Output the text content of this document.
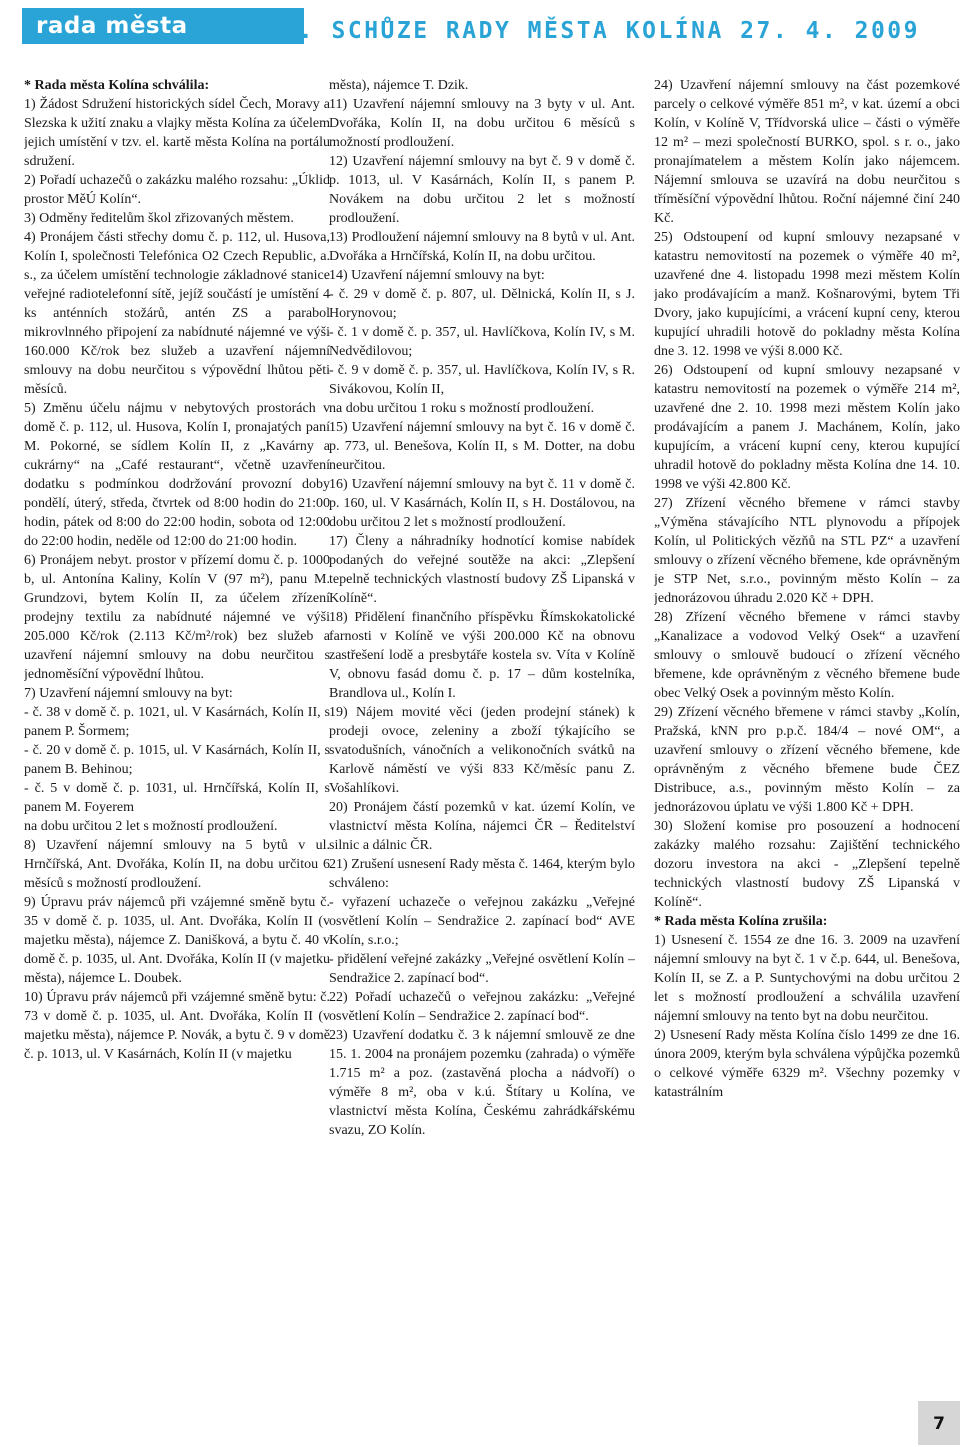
rada města	105. SCHŮZE RADY MĚSTA KOLÍNA 27. 4. 2009

* Rada města Kolína schválila:

1) Žádost Sdružení historických sídel Čech, Moravy a Slezska k užití znaku a vlajky města Kolína za účelem jejich umístění v tzv. el. kartě města Kolína na portálu sdružení.

2) Pořadí uchazečů o zakázku malého rozsahu: „Úklid prostor MěÚ Kolín“.

3) Odměny ředitelům škol zřizovaných městem.

4) Pronájem části střechy domu č. p. 112, ul. Husova, Kolín I, společnosti Telefónica O2 Czech Republic, a. s., za účelem umístění technologie základnové stanice veřejné radiotelefonní sítě, jejíž součástí je umístění 4 ks anténních stožárů, antén ZS a parabol mikrovlnného připojení za nabídnuté nájemné ve výši 160.000 Kč/rok bez služeb a uzavření nájemní smlouvy na dobu neurčitou s výpovědní lhůtou pěti měsíců.

5) Změnu účelu nájmu v nebytových prostorách v domě č. p. 112, ul. Husova, Kolín I, pronajatých paní M. Pokorné, se sídlem Kolín II, z „Kavárny a cukrárny“ na „Café restaurant“, včetně uzavření dodatku s podmínkou dodržování provozní doby pondělí, úterý, středa, čtvrtek od 8:00 hodin do 21:00 hodin, pátek od 8:00 do 22:00 hodin, sobota od 12:00 do 22:00 hodin, neděle od 12:00 do 21:00 hodin.

6) Pronájem nebyt. prostor v přízemí domu č. p. 1000 b, ul. Antonína Kaliny, Kolín V (97 m²), panu M. Grundzovi, bytem Kolín II, za účelem zřízení prodejny textilu za nabídnuté nájemné ve výši 205.000 Kč/rok (2.113 Kč/m²/rok) bez služeb a uzavření nájemní smlouvy na dobu neurčitou s jednoměsíční výpovědní lhůtou.

7) Uzavření nájemní smlouvy na byt:

- č. 38 v domě č. p. 1021, ul. V Kasárnách, Kolín II, s panem P. Šormem;

- č. 20 v domě č. p. 1015, ul. V Kasárnách, Kolín II, s panem B. Behinou;

- č. 5 v domě č. p. 1031, ul. Hrnčířská, Kolín II, s panem M. Foyerem

na dobu určitou 2 let s možností prodloužení.

8) Uzavření nájemní smlouvy na 5 bytů v ul. Hrnčířská, Ant. Dvořáka, Kolín II, na dobu určitou 6 měsíců s možností prodloužení.

9) Úpravu práv nájemců při vzájemné směně bytu č. 35 v domě č. p. 1035, ul. Ant. Dvořáka, Kolín II (v majetku města), nájemce Z. Danišková, a bytu č. 40 v domě č. p. 1035, ul. Ant. Dvořáka, Kolín II (v majetku města), nájemce L. Doubek.

10) Úpravu práv nájemců při vzájemné směně bytu: č. 73 v domě č. p. 1035, ul. Ant. Dvořáka, Kolín II (v majetku města), nájemce P. Novák, a bytu č. 9 v domě č. p. 1013, ul. V Kasárnách, Kolín II (v majetku

města), nájemce T. Dzik.

11) Uzavření nájemní smlouvy na 3 byty v ul. Ant. Dvořáka, Kolín II, na dobu určitou 6 měsíců s možností prodloužení.

12) Uzavření nájemní smlouvy na byt č. 9 v domě č. p. 1013, ul. V Kasárnách, Kolín II, s panem P. Novákem na dobu určitou 2 let s možností prodloužení.

13) Prodloužení nájemní smlouvy na 8 bytů v ul. Ant. Dvořáka a Hrnčířská, Kolín II, na dobu určitou.

14) Uzavření nájemní smlouvy na byt:

- č. 29 v domě č. p. 807, ul. Dělnická, Kolín II, s J. Horynovou;

- č. 1 v domě č. p. 357, ul. Havlíčkova, Kolín IV, s M. Nedvědilovou;

- č. 9 v domě č. p. 357, ul. Havlíčkova, Kolín IV, s R. Sivákovou, Kolín II,

na dobu určitou 1 roku s možností prodloužení.

15) Uzavření nájemní smlouvy na byt č. 16 v domě č. p. 773, ul. Benešova, Kolín II, s M. Dotter, na dobu neurčitou.

16) Uzavření nájemní smlouvy na byt č. 11 v domě č. p. 160, ul. V Kasárnách, Kolín II, s H. Dostálovou, na dobu určitou 2 let s možností prodloužení.

17) Členy a náhradníky hodnotící komise nabídek podaných do veřejné soutěže na akci: „Zlepšení tepelně technických vlastností budovy ZŠ Lipanská v Kolíně“.

18) Přidělení finančního příspěvku Římskokatolické farnosti v Kolíně ve výši 200.000 Kč na obnovu zastřešení lodě a presbytáře kostela sv. Víta v Kolíně V, obnovu fasád domu č. p. 17 – dům kostelníka, Brandlova ul., Kolín I.

19) Nájem movité věci (jeden prodejní stánek) k prodeji ovoce, zeleniny a zboží týkajícího se svatodušních, vánočních a velikonočních svátků na Karlově náměstí ve výši 833 Kč/měsíc panu Z. Vošahlíkovi.

20) Pronájem částí pozemků v kat. území Kolín, ve vlastnictví města Kolína, nájemci ČR – Ředitelství silnic a dálnic ČR.

21) Zrušení usnesení Rady města č. 1464, kterým bylo schváleno:

- vyřazení uchazeče o veřejnou zakázku „Veřejné osvětlení Kolín – Sendražice 2. zapínací bod“ AVE Kolín, s.r.o.;

- přidělení veřejné zakázky „Veřejné osvětlení Kolín – Sendražice 2. zapínací bod“.

22) Pořadí uchazečů o veřejnou zakázku: „Veřejné osvětlení Kolín – Sendražice 2. zapínací bod“.

23) Uzavření dodatku č. 3 k nájemní smlouvě ze dne 15. 1. 2004 na pronájem pozemku (zahrada) o výměře 1.715 m² a poz. (zastavěná plocha a nádvoří) o výměře 8 m², oba v k.ú. Štítary u Kolína, ve vlastnictví města Kolína, Českému zahrádkářskému svazu, ZO Kolín.

24) Uzavření nájemní smlouvy na část pozemkové parcely o celkové výměře 851 m², v kat. území a obci Kolín, v Kolíně V, Třídvorská ulice – části o výměře 12 m² – mezi společností BURKO, spol. s r. o., jako pronajímatelem a městem Kolín jako nájemcem. Nájemní smlouva se uzavírá na dobu neurčitou s tříměsíční výpovědní lhůtou. Roční nájemné činí 240 Kč.

25) Odstoupení od kupní smlouvy nezapsané v katastru nemovitostí na pozemek o výměře 40 m², uzavřené dne 4. listopadu 1998 mezi městem Kolín jako prodávajícím a manž. Košnarovými, bytem Tři Dvory, jako kupujícími, a vrácení kupní ceny, kterou kupující uhradili hotově do pokladny města Kolína dne 3. 12. 1998 ve výši 8.000 Kč.

26) Odstoupení od kupní smlouvy nezapsané v katastru nemovitostí na pozemek o výměře 214 m², uzavřené dne 2. 10. 1998 mezi městem Kolín jako prodávajícím a panem J. Machánem, Kolín, jako kupujícím, a vrácení kupní ceny, kterou kupující uhradil hotově do pokladny města Kolína dne 14. 10. 1998 ve výši 42.800 Kč.

27) Zřízení věcného břemene v rámci stavby „Výměna stávajícího NTL plynovodu a přípojek Kolín, ul Politických vězňů na STL PZ“ a uzavření smlouvy o zřízení věcného břemene, kde oprávněným je STP Net, s.r.o., povinným město Kolín – za jednorázovou úhradu 2.020 Kč + DPH.

28) Zřízení věcného břemene v rámci stavby „Kanalizace a vodovod Velký Osek“ a uzavření smlouvy o smlouvě budoucí o zřízení věcného břemene, kde oprávněným z věcného břemene bude obec Velký Osek a povinným město Kolín.

29) Zřízení věcného břemene v rámci stavby „Kolín, Pražská, kNN pro p.p.č. 184/4 – nové OM“, a uzavření smlouvy o zřízení věcného břemene, kde oprávněným z věcného břemene bude ČEZ Distribuce, a.s., povinným město Kolín – za jednorázovou úplatu ve výši 1.800 Kč + DPH.

30) Složení komise pro posouzení a hodnocení zakázky malého rozsahu: Zajištění technického dozoru investora na akci - „Zlepšení tepelně technických vlastností budovy ZŠ Lipanská v Kolíně“.

* Rada města Kolína zrušila:

1) Usnesení č. 1554 ze dne 16. 3. 2009 na uzavření nájemní smlouvy na byt č. 1 v č.p. 644, ul. Benešova, Kolín II, se Z. a P. Suntychovými na dobu určitou 2 let s možností prodloužení a schválila uzavření nájemní smlouvy na tento byt na dobu neurčitou.

2) Usnesení Rady města Kolína číslo 1499 ze dne 16. února 2009, kterým byla schválena výpůjčka pozemků o celkové výměře 6329 m². Všechny pozemky v katastrálním

7
